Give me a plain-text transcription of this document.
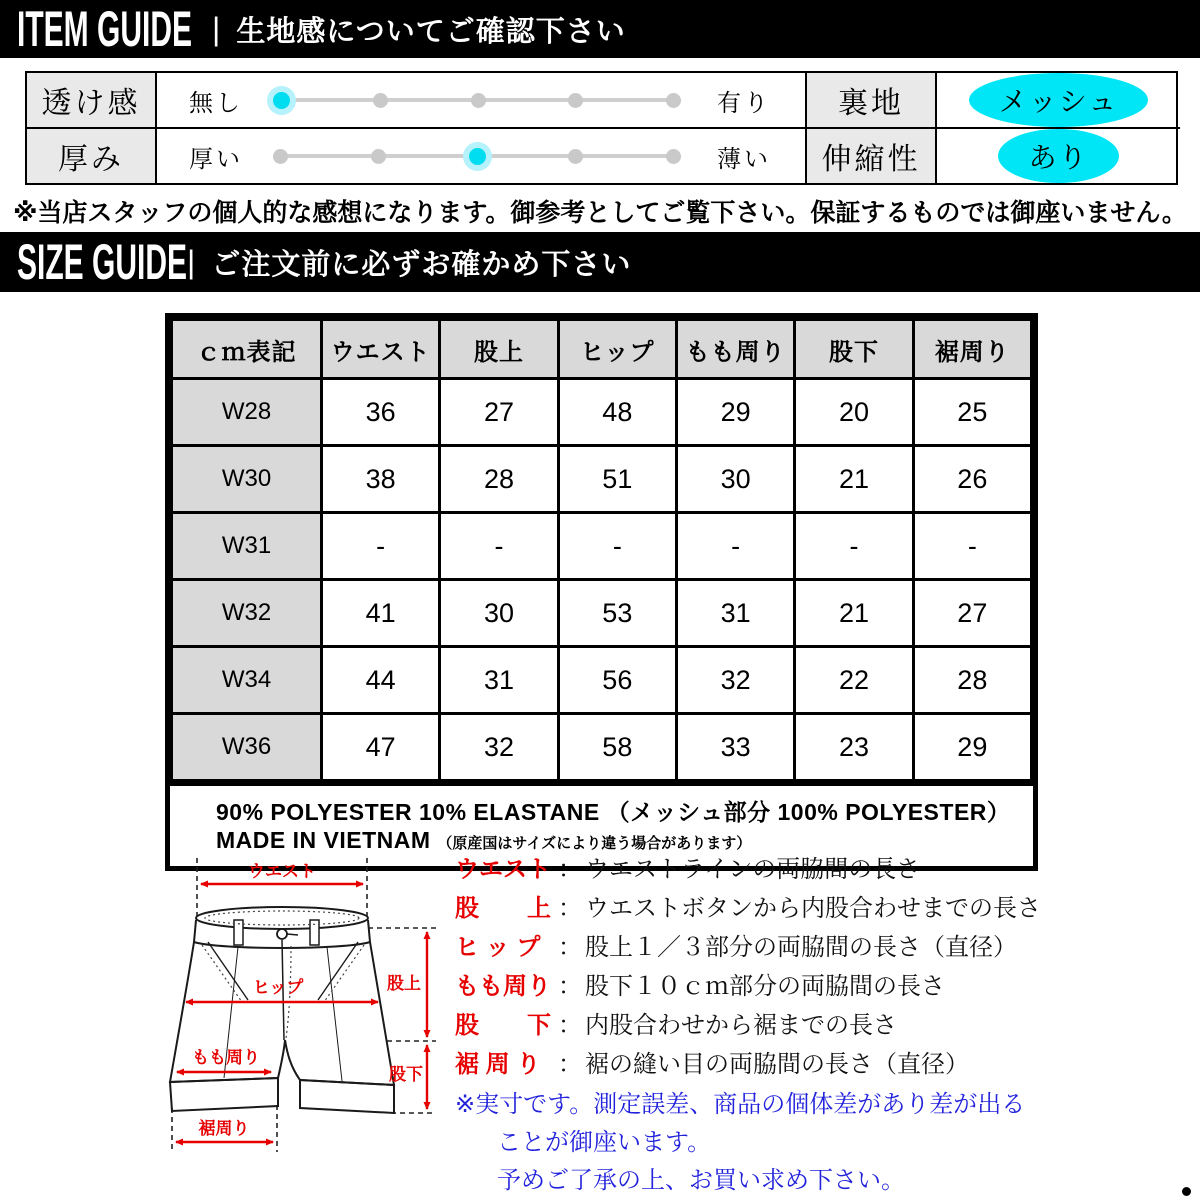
ITEM GUIDE | 生地感についてご確認下さい
透け感	無し	有り	裏地	メッシュ
厚み	厚い	薄い	伸縮性	あり
※当店スタッフの個人的な感想になります。御参考としてご覧下さい。保証するものでは御座いません。
SIZE GUIDE | ご注文前に必ずお確かめ下さい
ｃｍ表記	ウエスト	股上	ヒップ	もも周り	股下	裾周り
W28	36	27	48	29	20	25
W30	38	28	51	30	21	26
W31	-	-	-	-	-	-
W32	41	30	53	31	21	27
W34	44	31	56	32	22	28
W36	47	32	58	33	23	29
90% POLYESTER 10% ELASTANE （メッシュ部分 100% POLYESTER）
MADE IN VIETNAM （原産国はサイズにより違う場合があります）
ウエスト
ヒップ	股上
もも周り
股下
裾周り
ウエスト ： ウエストラインの両脇間の長さ
股　　上 ： ウエストボタンから内股合わせまでの長さ
ヒ ッ プ ： 股上１／３部分の両脇間の長さ（直径）
もも周り ： 股下１０ｃｍ部分の両脇間の長さ
股　　下 ： 内股合わせから裾までの長さ
裾 周 り ： 裾の縫い目の両脇間の長さ（直径）
※実寸です。測定誤差、商品の個体差があり差が出る
ことが御座います。
予めご了承の上、お買い求め下さい。
